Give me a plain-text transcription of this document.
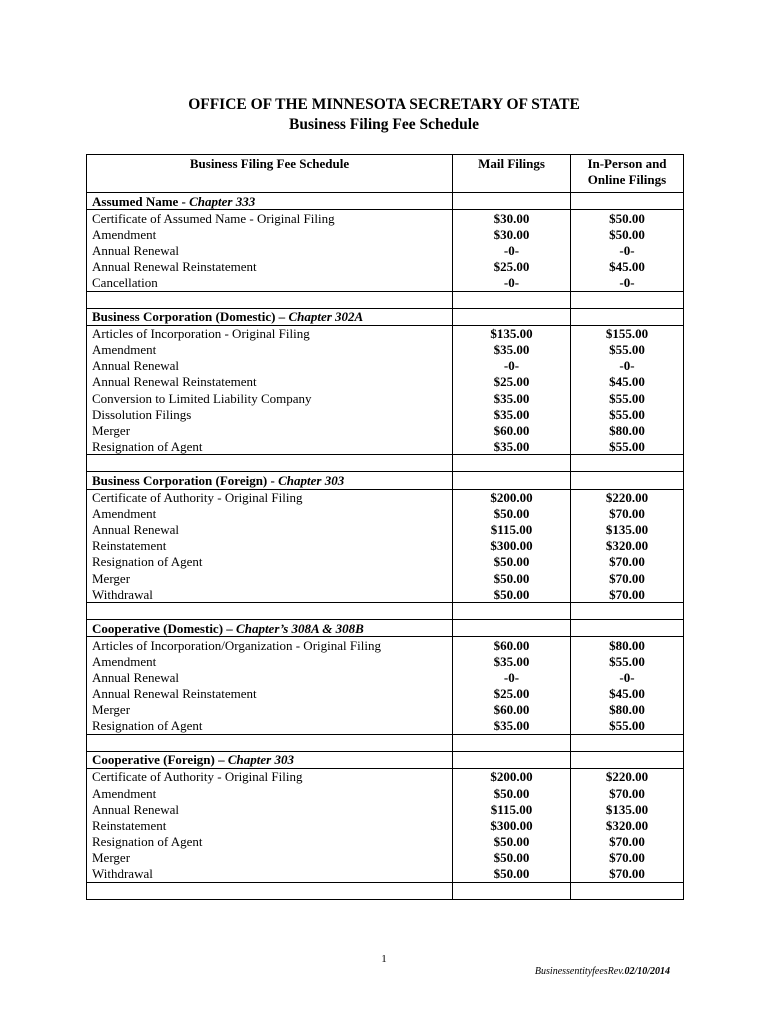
OFFICE OF THE MINNESOTA SECRETARY OF STATE
Business Filing Fee Schedule
Business Filing Fee Schedule	Mail Filings	In-Person and Online Filings
Assumed Name - Chapter 333		
Certificate of Assumed Name - Original Filing	$30.00	$50.00
Amendment	$30.00	$50.00
Annual Renewal	-0-	-0-
Annual Renewal Reinstatement	$25.00	$45.00
Cancellation	-0-	-0-

Business Corporation (Domestic) – Chapter 302A		
Articles of Incorporation - Original Filing	$135.00	$155.00
Amendment	$35.00	$55.00
Annual Renewal	-0-	-0-
Annual Renewal Reinstatement	$25.00	$45.00
Conversion to Limited Liability Company	$35.00	$55.00
Dissolution Filings	$35.00	$55.00
Merger	$60.00	$80.00
Resignation of Agent	$35.00	$55.00

Business Corporation (Foreign) - Chapter 303		
Certificate of Authority - Original Filing	$200.00	$220.00
Amendment	$50.00	$70.00
Annual Renewal	$115.00	$135.00
Reinstatement	$300.00	$320.00
Resignation of Agent	$50.00	$70.00
Merger	$50.00	$70.00
Withdrawal	$50.00	$70.00

Cooperative (Domestic) – Chapter’s 308A & 308B		
Articles of Incorporation/Organization - Original Filing	$60.00	$80.00
Amendment	$35.00	$55.00
Annual Renewal	-0-	-0-
Annual Renewal Reinstatement	$25.00	$45.00
Merger	$60.00	$80.00
Resignation of Agent	$35.00	$55.00

Cooperative (Foreign) – Chapter 303		
Certificate of Authority - Original Filing	$200.00	$220.00
Amendment	$50.00	$70.00
Annual Renewal	$115.00	$135.00
Reinstatement	$300.00	$320.00
Resignation of Agent	$50.00	$70.00
Merger	$50.00	$70.00
Withdrawal	$50.00	$70.00

1
BusinessentityfeesRev.02/10/2014
